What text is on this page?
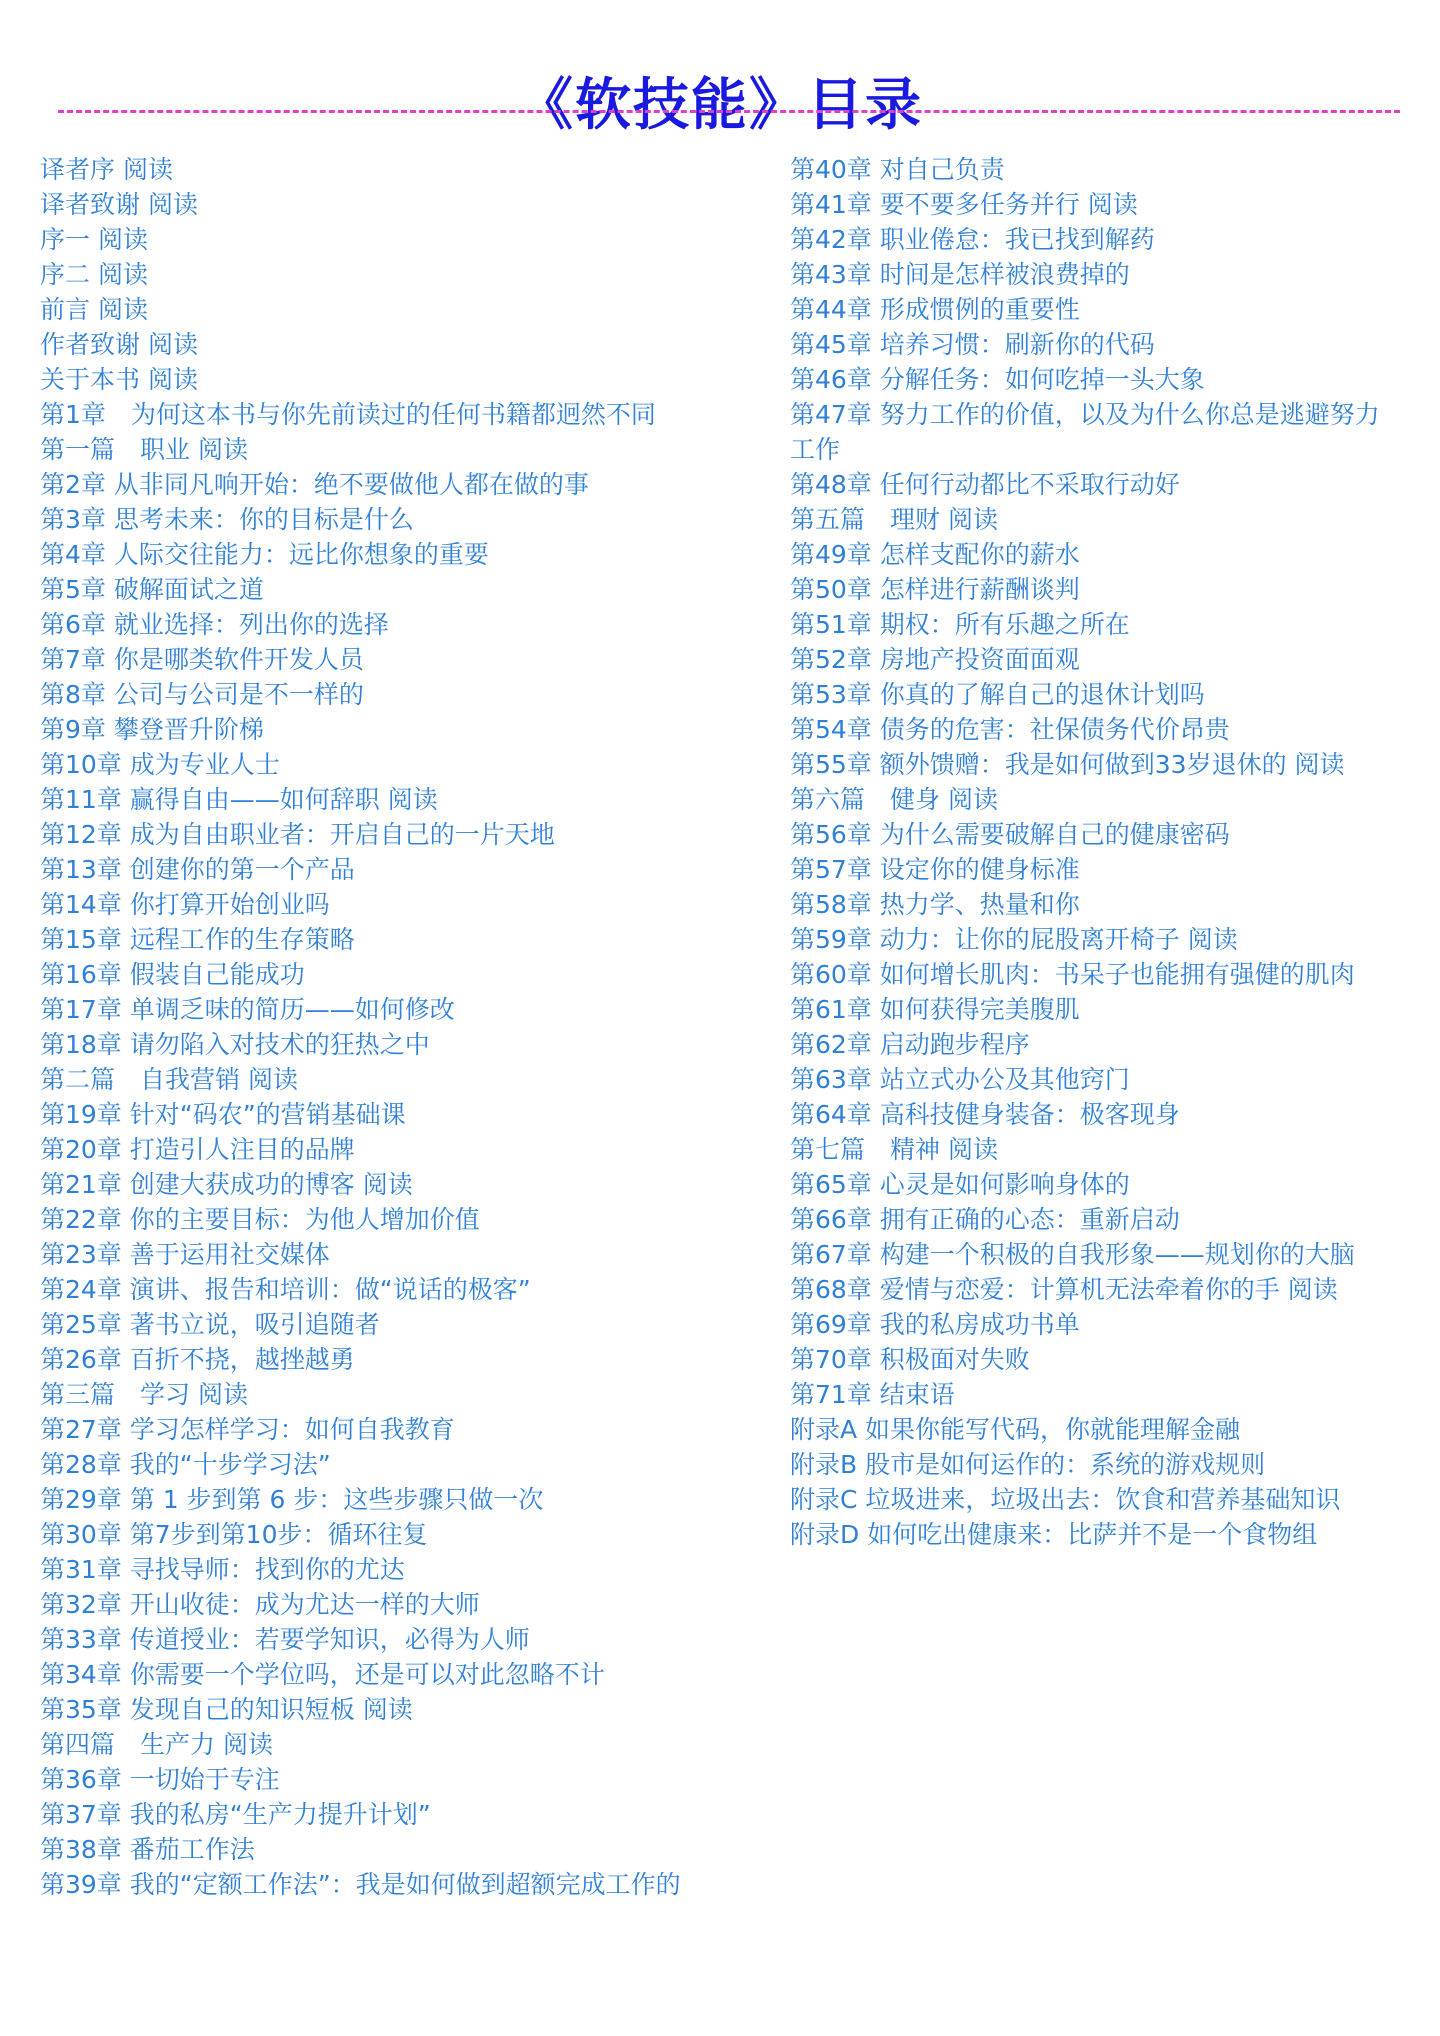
《软技能》目录
译者序 阅读
译者致谢 阅读
序一 阅读
序二 阅读
前言 阅读
作者致谢 阅读
关于本书 阅读
第1章　为何这本书与你先前读过的任何书籍都迥然不同
第一篇　职业 阅读
第2章 从非同凡响开始：绝不要做他人都在做的事
第3章 思考未来：你的目标是什么
第4章 人际交往能力：远比你想象的重要
第5章 破解面试之道
第6章 就业选择：列出你的选择
第7章 你是哪类软件开发人员
第8章 公司与公司是不一样的
第9章 攀登晋升阶梯
第10章 成为专业人士
第11章 赢得自由——如何辞职 阅读
第12章 成为自由职业者：开启自己的一片天地
第13章 创建你的第一个产品
第14章 你打算开始创业吗
第15章 远程工作的生存策略
第16章 假装自己能成功
第17章 单调乏味的简历——如何修改
第18章 请勿陷入对技术的狂热之中
第二篇　自我营销 阅读
第19章 针对“码农”的营销基础课
第20章 打造引人注目的品牌
第21章 创建大获成功的博客 阅读
第22章 你的主要目标：为他人增加价值
第23章 善于运用社交媒体
第24章 演讲、报告和培训：做“说话的极客”
第25章 著书立说，吸引追随者
第26章 百折不挠，越挫越勇
第三篇　学习 阅读
第27章 学习怎样学习：如何自我教育
第28章 我的“十步学习法”
第29章 第 1 步到第 6 步：这些步骤只做一次
第30章 第7步到第10步：循环往复
第31章 寻找导师：找到你的尤达
第32章 开山收徒：成为尤达一样的大师
第33章 传道授业：若要学知识，必得为人师
第34章 你需要一个学位吗，还是可以对此忽略不计
第35章 发现自己的知识短板 阅读
第四篇　生产力 阅读
第36章 一切始于专注
第37章 我的私房“生产力提升计划”
第38章 番茄工作法
第39章 我的“定额工作法”：我是如何做到超额完成工作的
第40章 对自己负责
第41章 要不要多任务并行 阅读
第42章 职业倦怠：我已找到解药
第43章 时间是怎样被浪费掉的
第44章 形成惯例的重要性
第45章 培养习惯：刷新你的代码
第46章 分解任务：如何吃掉一头大象
第47章 努力工作的价值，以及为什么你总是逃避努力工作
第48章 任何行动都比不采取行动好
第五篇　理财 阅读
第49章 怎样支配你的薪水
第50章 怎样进行薪酬谈判
第51章 期权：所有乐趣之所在
第52章 房地产投资面面观
第53章 你真的了解自己的退休计划吗
第54章 债务的危害：社保债务代价昂贵
第55章 额外馈赠：我是如何做到33岁退休的 阅读
第六篇　健身 阅读
第56章 为什么需要破解自己的健康密码
第57章 设定你的健身标准
第58章 热力学、热量和你
第59章 动力：让你的屁股离开椅子 阅读
第60章 如何增长肌肉：书呆子也能拥有强健的肌肉
第61章 如何获得完美腹肌
第62章 启动跑步程序
第63章 站立式办公及其他窍门
第64章 高科技健身装备：极客现身
第七篇　精神 阅读
第65章 心灵是如何影响身体的
第66章 拥有正确的心态：重新启动
第67章 构建一个积极的自我形象——规划你的大脑
第68章 爱情与恋爱：计算机无法牵着你的手 阅读
第69章 我的私房成功书单
第70章 积极面对失败
第71章 结束语
附录A 如果你能写代码，你就能理解金融
附录B 股市是如何运作的：系统的游戏规则
附录C 垃圾进来，垃圾出去：饮食和营养基础知识
附录D 如何吃出健康来：比萨并不是一个食物组
